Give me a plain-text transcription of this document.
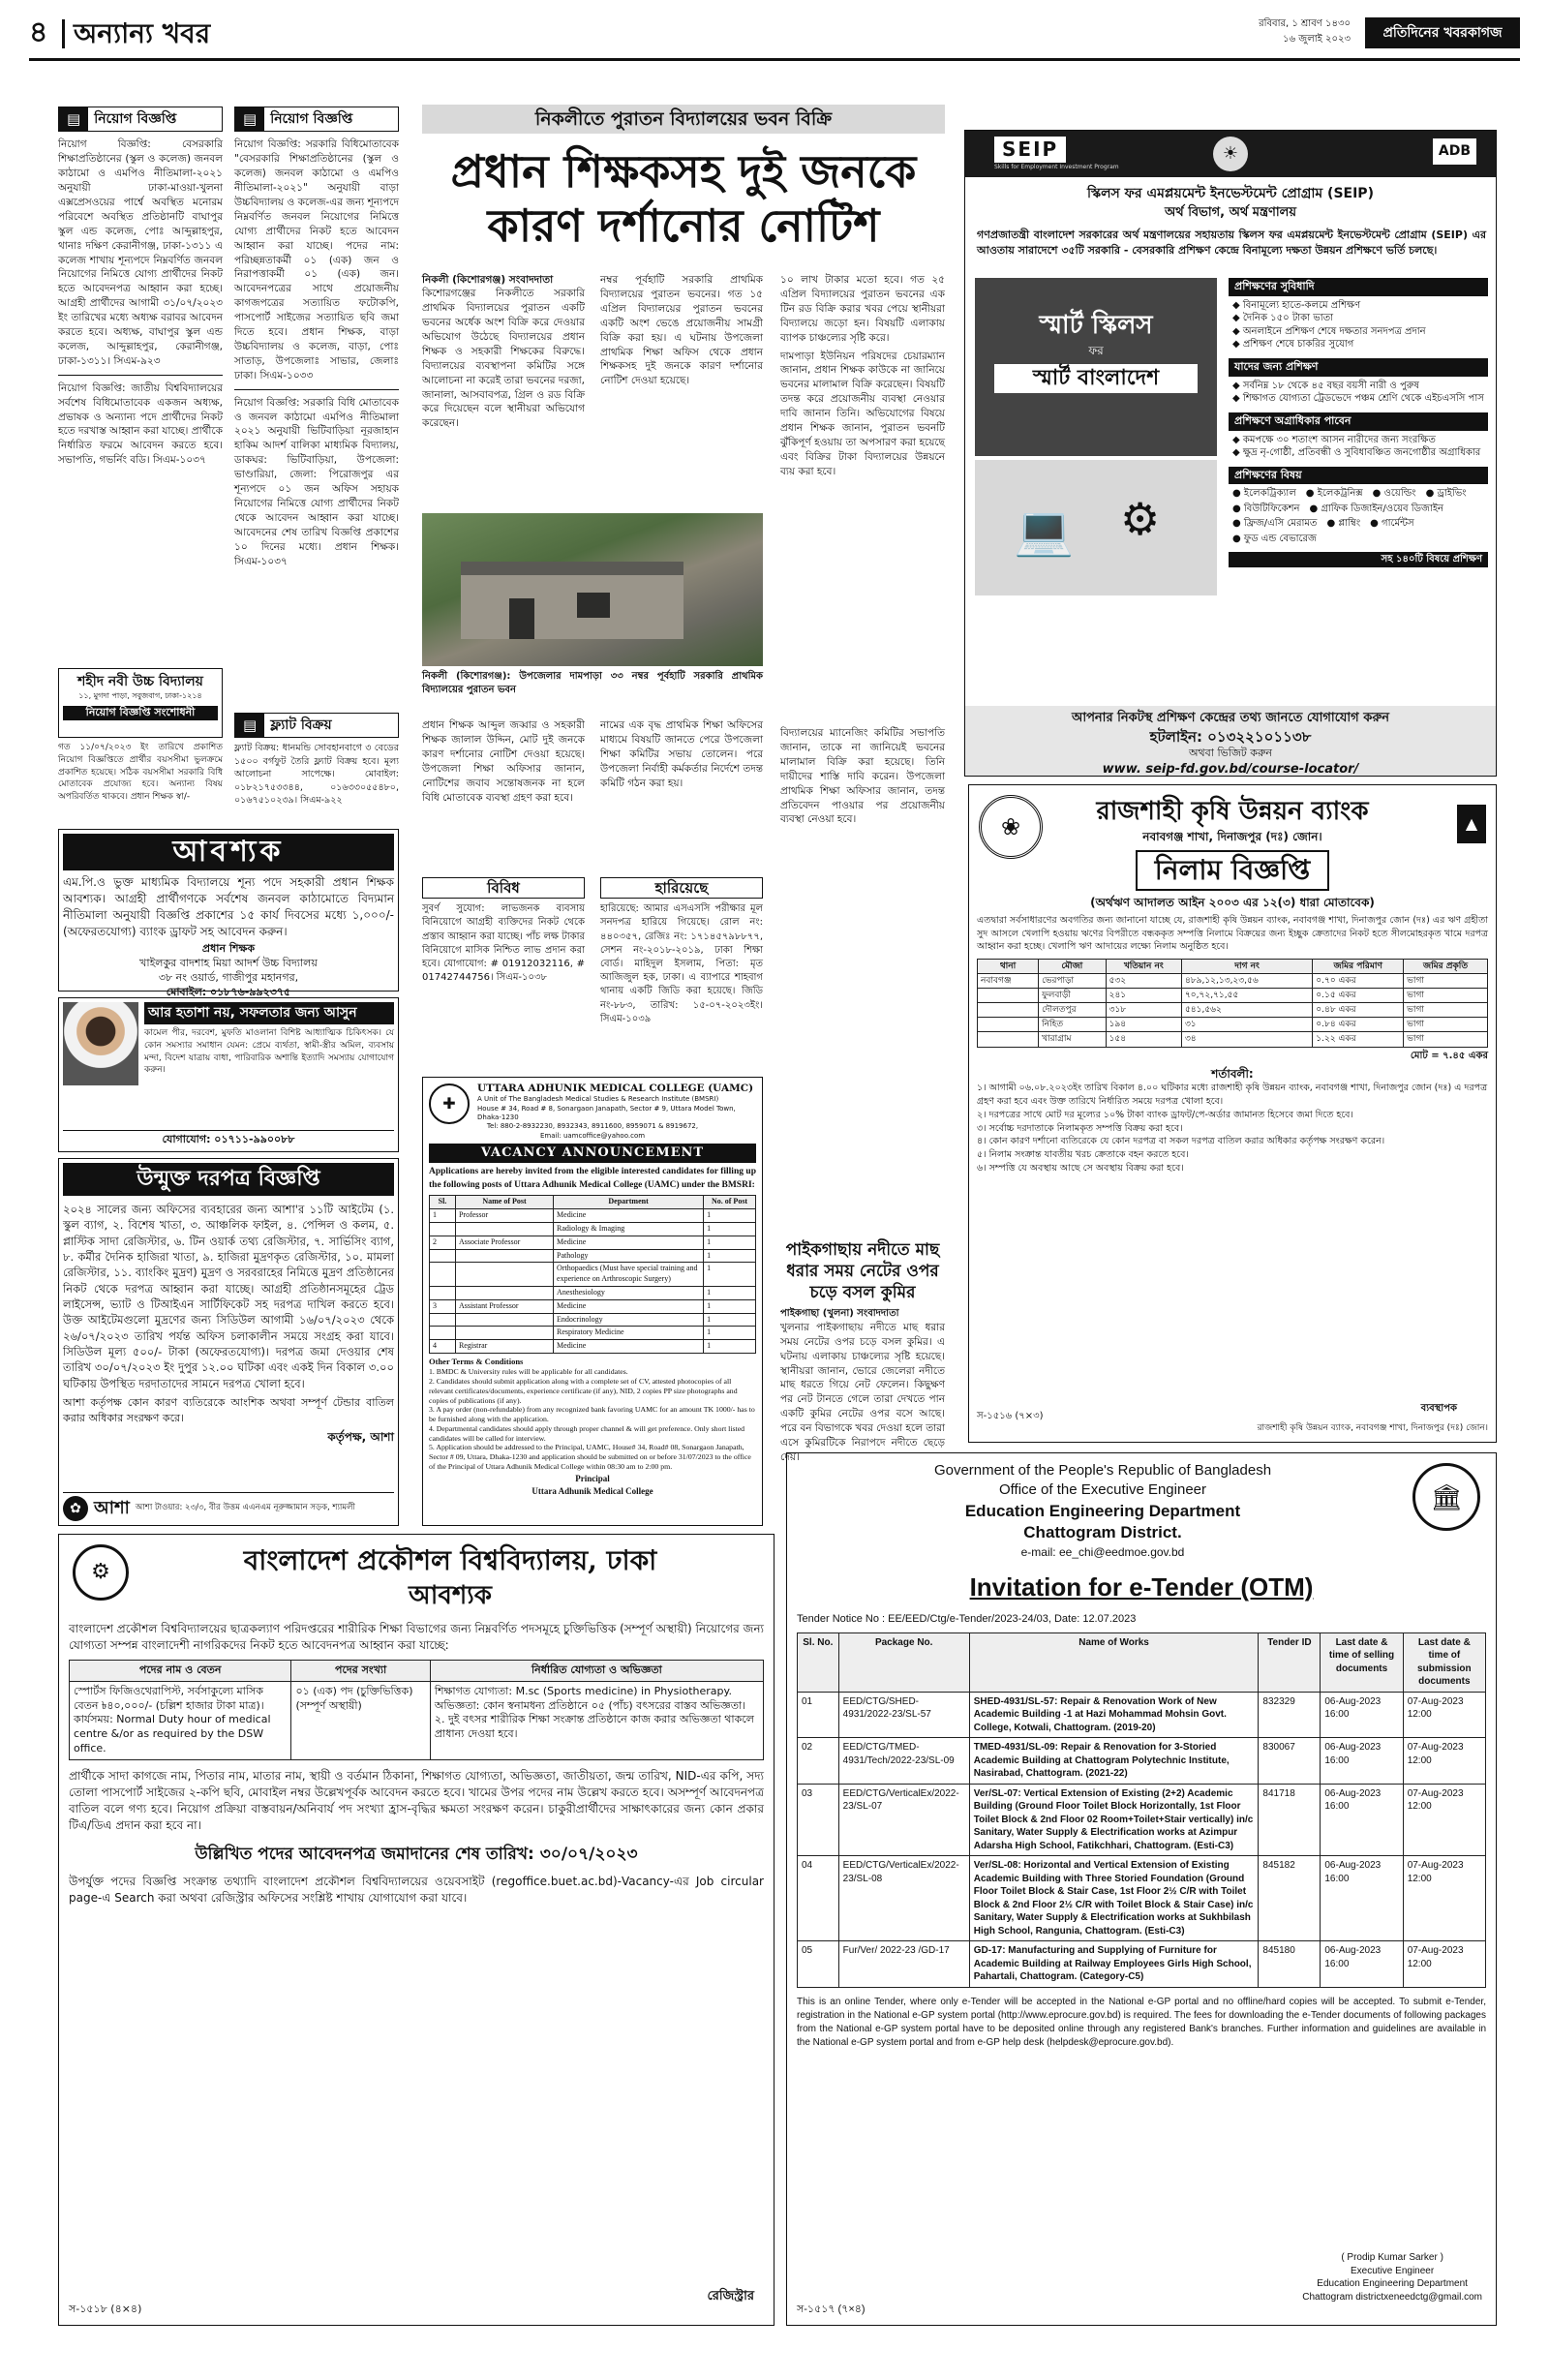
৪ অন্যান্য খবর	রবিবার, ১ শ্রাবণ ১৪৩০
১৬ জুলাই ২০২৩	প্রতিদিনের খবরকাগজ
▤	নিয়োগ বিজ্ঞপ্তি

নিয়োগ বিজ্ঞপ্তি: বেসরকারি শিক্ষাপ্রতিষ্ঠানের (স্কুল ও কলেজ) জনবল কাঠামো ও এমপিও নীতিমালা-২০২১ অনুযায়ী ঢাকা-মাওয়া-খুলনা এক্সপ্রেসওয়ের পার্শ্বে অবস্থিত মনোরম পরিবেশে অবস্থিত প্রতিষ্ঠানটি বাঘাপুর স্কুল এন্ড কলেজ, পোঃ আব্দুল্লাহপুর, থানাঃ দক্ষিণ কেরানীগঞ্জ, ঢাকা-১৩১১ এ কলেজ শাখায় শূন্যপদে নিম্নবর্ণিত জনবল নিয়োগের নিমিত্তে যোগ্য প্রার্থীদের নিকট হতে আবেদনপত্র আহ্বান করা হচ্ছে। আগ্রহী প্রার্থীদের আগামী ৩১/০৭/২০২৩ ইং তারিখের মধ্যে অধ্যক্ষ বরাবর আবেদন করতে হবে। অধ্যক্ষ, বাঘাপুর স্কুল এন্ড কলেজ, আব্দুল্লাহপুর, কেরানীগঞ্জ, ঢাকা-১৩১১। সিএম-৯২৩

নিয়োগ বিজ্ঞপ্তি: জাতীয় বিশ্ববিদ্যালয়ের সর্বশেষ বিধিমোতাবেক একজন অধ্যক্ষ, প্রভাষক ও অন্যান্য পদে প্রার্থীদের নিকট হতে দরখাস্ত আহ্বান করা যাচ্ছে। প্রার্থীকে নির্ধারিত ফরমে আবেদন করতে হবে। সভাপতি, গভর্নিং বডি। সিএম-১০৩৭

শহীদ নবী উচ্চ বিদ্যালয়
১১, মুগদা পাড়া, সবুজবাগ, ঢাকা-১২১৪
নিয়োগ বিজ্ঞপ্তি সংশোধনী

গত ১১/০৭/২০২৩ ইং তারিখে প্রকাশিত নিয়োগ বিজ্ঞপ্তিতে প্রার্থীর বয়সসীমা ভুলক্রমে প্রকাশিত হয়েছে। সঠিক বয়সসীমা সরকারি বিধি মোতাবেক প্রযোজ্য হবে। অন্যান্য বিষয় অপরিবর্তিত থাকবে। প্রধান শিক্ষক স্বা/-

▤	নিয়োগ বিজ্ঞপ্তি

নিয়োগ বিজ্ঞপ্তি: সরকারি বিধিমোতাবেক "বেসরকারি শিক্ষাপ্রতিষ্ঠানের (স্কুল ও কলেজ) জনবল কাঠামো ও এমপিও নীতিমালা-২০২১" অনুযায়ী বাড়া উচ্চবিদ্যালয় ও কলেজ-এর জন্য শূন্যপদে নিম্নবর্ণিত জনবল নিয়োগের নিমিত্তে যোগ্য প্রার্থীদের নিকট হতে আবেদন আহ্বান করা যাচ্ছে। পদের নাম: পরিচ্ছন্নতাকর্মী ০১ (এক) জন ও নিরাপত্তাকর্মী ০১ (এক) জন। আবেদনপত্রের সাথে প্রয়োজনীয় কাগজপত্রের সত্যায়িত ফটোকপি, পাসপোর্ট সাইজের সত্যায়িত ছবি জমা দিতে হবে। প্রধান শিক্ষক, বাড়া উচ্চবিদ্যালয় ও কলেজ, বাড়া, পোঃ সাতাড়, উপজেলাঃ সাভার, জেলাঃ ঢাকা। সিএম-১০৩৩

নিয়োগ বিজ্ঞপ্তি: সরকারি বিধি মোতাবেক ও জনবল কাঠামো এমপিও নীতিমালা ২০২১ অনুযায়ী ভিটিবাড়িয়া নূরজাহান হাকিম আদর্শ বালিকা মাধ্যমিক বিদ্যালয়, ডাকঘর: ভিটিবাড়িয়া, উপজেলা: ভাণ্ডারিয়া, জেলা: পিরোজপুর এর শূন্যপদে ০১ জন অফিস সহায়ক নিয়োগের নিমিত্তে যোগ্য প্রার্থীদের নিকট থেকে আবেদন আহ্বান করা যাচ্ছে। আবেদনের শেষ তারিখ বিজ্ঞপ্তি প্রকাশের ১০ দিনের মধ্যে। প্রধান শিক্ষক। সিএম-১০৩৭

▤	ফ্ল্যাট বিক্রয়

ফ্ল্যাট বিক্রয়: ধানমন্ডি সোবহানবাগে ৩ বেডের ১৫০০ বর্গফুট তৈরি ফ্ল্যাট বিক্রয় হবে। মূল্য আলোচনা সাপেক্ষে। মোবাইল: ০১৮২১৭৫৩৩৪৪, ০১৬৩৩০৫৫৪৮০, ০১৬৭৫১০২৩৯। সিএম-৯২২

আবশ্যক

এম.পি.ও ভুক্ত মাধ্যমিক বিদ্যালয়ে শূন্য পদে সহকারী প্রধান শিক্ষক আবশ্যক। আগ্রহী প্রার্থীগণকে সর্বশেষ জনবল কাঠামোতে বিদ্যমান নীতিমালা অনুযায়ী বিজ্ঞপ্তি প্রকাশের ১৫ কার্য দিবসের মধ্যে ১,০০০/- (অফেরতযোগ্য) ব্যাংক ড্রাফট সহ আবেদন করুন।

প্রধান শিক্ষক
খাইলকুর বাদশাহ মিয়া আদর্শ উচ্চ বিদ্যালয়
৩৮ নং ওয়ার্ড, গাজীপুর মহানগর,
মোবাইল: ০১৮৭৬-৯৯২৩৭৫
আর হতাশা নয়, সফলতার জন্য আসুন

কামেল পীর, দরবেশ, মুফতি মাওলানা বিশিষ্ট আধ্যাত্মিক চিকিৎসক। যে কোন সমস্যার সমাধান যেমন: প্রেমে ব্যর্থতা, স্বামী-স্ত্রীর অমিল, ব্যবসায় মন্দা, বিদেশ যাত্রায় বাধা, পারিবারিক অশান্তি ইত্যাদি সমস্যায় যোগাযোগ করুন।

যোগাযোগ: ০১৭১১-৯৯০০৮৮
উন্মুক্ত দরপত্র বিজ্ঞপ্তি

২০২৪ সালের জন্য অফিসের ব্যবহারের জন্য আশা'র ১১টি আইটেম (১. স্কুল ব্যাগ, ২. বিশেষ খাতা, ৩. আঞ্চলিক ফাইল, ৪. পেন্সিল ও কলম, ৫. প্লাস্টিক সাদা রেজিস্টার, ৬. টিন ওয়ার্ক তথ্য রেজিস্টার, ৭. সার্ভিসিং ব্যাগ, ৮. কর্মীর দৈনিক হাজিরা খাতা, ৯. হাজিরা মুদ্রণকৃত রেজিস্টার, ১০. মামলা রেজিস্টার, ১১. ব্যাংকিং মুদ্রণ) মুদ্রণ ও সরবরাহের নিমিত্তে মুদ্রণ প্রতিষ্ঠানের নিকট থেকে দরপত্র আহ্বান করা যাচ্ছে। আগ্রহী প্রতিষ্ঠানসমূহের ট্রেড লাইসেন্স, ভ্যাট ও টিআইএন সার্টিফিকেট সহ দরপত্র দাখিল করতে হবে। উক্ত আইটেমগুলো মুদ্রণের জন্য সিডিউল আগামী ১৬/০৭/২০২৩ থেকে ২৬/০৭/২০২৩ তারিখ পর্যন্ত অফিস চলাকালীন সময়ে সংগ্রহ করা যাবে। সিডিউল মূল্য ৫০০/- টাকা (অফেরতযোগ্য)। দরপত্র জমা দেওয়ার শেষ তারিখ ৩০/০৭/২০২৩ ইং দুপুর ১২.০০ ঘটিকা এবং একই দিন বিকাল ৩.০০ ঘটিকায় উপস্থিত দরদাতাদের সামনে দরপত্র খোলা হবে।

আশা কর্তৃপক্ষ কোন কারণ ব্যতিরেকে আংশিক অথবা সম্পূর্ণ টেন্ডার বাতিল করার অধিকার সংরক্ষণ করে।

কর্তৃপক্ষ, আশা
✿ আশা আশা টাওয়ার: ২৩/৩, বীর উত্তম এএনএম নূরুজ্জামান সড়ক, শ্যামলী
⚙	বাংলাদেশ প্রকৌশল বিশ্ববিদ্যালয়, ঢাকা
আবশ্যক

বাংলাদেশ প্রকৌশল বিশ্ববিদ্যালয়ের ছাত্রকল্যাণ পরিদপ্তরের শারীরিক শিক্ষা বিভাগের জন্য নিম্নবর্ণিত পদসমূহে চুক্তিভিত্তিক (সম্পূর্ণ অস্থায়ী) নিয়োগের জন্য যোগ্যতা সম্পন্ন বাংলাদেশী নাগরিকদের নিকট হতে আবেদনপত্র আহ্বান করা যাচ্ছে:

পদের নাম ও বেতন	পদের সংখ্যা	নির্ধারিত যোগ্যতা ও অভিজ্ঞতা
স্পোর্টস ফিজিওথেরাপিস্ট, সর্বসাকুল্যে মাসিক বেতন ৳৪০,০০০/- (চল্লিশ হাজার টাকা মাত্র)। কার্যসময়: Normal Duty hour of medical centre &/or as required by the DSW office.	০১ (এক) পদ (চুক্তিভিত্তিক) (সম্পূর্ণ অস্থায়ী)	শিক্ষাগত যোগ্যতা: M.sc (Sports medicine) in Physiotherapy. অভিজ্ঞতা: কোন স্বনামধন্য প্রতিষ্ঠানে ০৫ (পাঁচ) বৎসরের বাস্তব অভিজ্ঞতা। ২. দুই বৎসর শারীরিক শিক্ষা সংক্রান্ত প্রতিষ্ঠানে কাজ করার অভিজ্ঞতা থাকলে প্রাধান্য দেওয়া হবে।

প্রার্থীকে সাদা কাগজে নাম, পিতার নাম, মাতার নাম, স্থায়ী ও বর্তমান ঠিকানা, শিক্ষাগত যোগ্যতা, অভিজ্ঞতা, জাতীয়তা, জন্ম তারিখ, NID-এর কপি, সদ্য তোলা পাসপোর্ট সাইজের ২-কপি ছবি, মোবাইল নম্বর উল্লেখপূর্বক আবেদন করতে হবে। খামের উপর পদের নাম উল্লেখ করতে হবে। অসম্পূর্ণ আবেদনপত্র বাতিল বলে গণ্য হবে। নিয়োগ প্রক্রিয়া বাস্তবায়ন/অনিবার্য পদ সংখ্যা হ্রাস-বৃদ্ধির ক্ষমতা সংরক্ষণ করেন। চাকুরীপ্রার্থীদের সাক্ষাৎকারের জন্য কোন প্রকার টিএ/ডিএ প্রদান করা হবে না।

উল্লিখিত পদের আবেদনপত্র জমাদানের শেষ তারিখ: ৩০/০৭/২০২৩

উপর্যুক্ত পদের বিজ্ঞপ্তি সংক্রান্ত তথ্যাদি বাংলাদেশ প্রকৌশল বিশ্ববিদ্যালয়ের ওয়েবসাইট (regoffice.buet.ac.bd)-Vacancy-এর Job circular page-এ Search করা অথবা রেজিস্ট্রার অফিসের সংশ্লিষ্ট শাখায় যোগাযোগ করা যাবে।

রেজিস্ট্রার
স-১৫১৮ (৪×৪)
নিকলীতে পুরাতন বিদ্যালয়ের ভবন বিক্রি
প্রধান শিক্ষকসহ দুই জনকে
কারণ দর্শানোর নোটিশ
নিকলী (কিশোরগঞ্জ) সংবাদদাতা

কিশোরগঞ্জের নিকলীতে সরকারি প্রাথমিক বিদ্যালয়ের পুরাতন একটি ভবনের অর্ধেক অংশ বিক্রি করে দেওয়ার অভিযোগ উঠেছে বিদ্যালয়ের প্রধান শিক্ষক ও সহকারী শিক্ষকের বিরুদ্ধে। বিদ্যালয়ের ব্যবস্থাপনা কমিটির সঙ্গে আলোচনা না করেই তারা ভবনের দরজা, জানালা, আসবাবপত্র, গ্রিল ও রড বিক্রি করে দিয়েছেন বলে স্থানীয়রা অভিযোগ করেছেন।

নম্বর পূর্বহাটি সরকারি প্রাথমিক বিদ্যালয়ের পুরাতন ভবনের। গত ১৫ এপ্রিল বিদ্যালয়ের পুরাতন ভবনের একটি অংশ ভেঙে প্রয়োজনীয় সামগ্রী বিক্রি করা হয়। এ ঘটনায় উপজেলা প্রাথমিক শিক্ষা অফিস থেকে প্রধান শিক্ষকসহ দুই জনকে কারণ দর্শানোর নোটিশ দেওয়া হয়েছে।

১০ লাখ টাকার মতো হবে। গত ২৫ এপ্রিল বিদ্যালয়ের পুরাতন ভবনের এক টিন রড বিক্রি করার খবর পেয়ে স্থানীয়রা বিদ্যালয়ে জড়ো হন। বিষয়টি এলাকায় ব্যাপক চাঞ্চল্যের সৃষ্টি করে।

দামপাড়া ইউনিয়ন পরিষদের চেয়ারম্যান জানান, প্রধান শিক্ষক কাউকে না জানিয়ে ভবনের মালামাল বিক্রি করেছেন। বিষয়টি তদন্ত করে প্রয়োজনীয় ব্যবস্থা নেওয়ার দাবি জানান তিনি। অভিযোগের বিষয়ে প্রধান শিক্ষক জানান, পুরাতন ভবনটি ঝুঁকিপূর্ণ হওয়ায় তা অপসারণ করা হয়েছে এবং বিক্রির টাকা বিদ্যালয়ের উন্নয়নে ব্যয় করা হবে।

নিকলী (কিশোরগঞ্জ): উপজেলার দামপাড়া ৩৩ নম্বর পূর্বহাটি সরকারি প্রাথমিক বিদ্যালয়ের পুরাতন ভবন

প্রধান শিক্ষক আব্দুল জব্বার ও সহকারী শিক্ষক জালাল উদ্দিন, মোট দুই জনকে কারণ দর্শানোর নোটিশ দেওয়া হয়েছে। উপজেলা শিক্ষা অফিসার জানান, নোটিশের জবাব সন্তোষজনক না হলে বিধি মোতাবেক ব্যবস্থা গ্রহণ করা হবে।

নামের এক বৃদ্ধ প্রাথমিক শিক্ষা অফিসের মাধ্যমে বিষয়টি জানতে পেরে উপজেলা শিক্ষা কমিটির সভায় তোলেন। পরে উপজেলা নির্বাহী কর্মকর্তার নির্দেশে তদন্ত কমিটি গঠন করা হয়।

বিদ্যালয়ের ম্যানেজিং কমিটির সভাপতি জানান, তাকে না জানিয়েই ভবনের মালামাল বিক্রি করা হয়েছে। তিনি দায়ীদের শাস্তি দাবি করেন। উপজেলা প্রাথমিক শিক্ষা অফিসার জানান, তদন্ত প্রতিবেদন পাওয়ার পর প্রয়োজনীয় ব্যবস্থা নেওয়া হবে।

বিবিধ

সুবর্ণ সুযোগ: লাভজনক ব্যবসায় বিনিয়োগে আগ্রহী ব্যক্তিদের নিকট থেকে প্রস্তাব আহ্বান করা যাচ্ছে। পাঁচ লক্ষ টাকার বিনিয়োগে মাসিক নিশ্চিত লাভ প্রদান করা হবে। যোগাযোগ: # 01912032116, # 01742744756। সিএম-১০৩৮

হারিয়েছে

হারিয়েছে: আমার এসএসসি পরীক্ষার মূল সনদপত্র হারিয়ে গিয়েছে। রোল নং: ৪৪০৩৫৭, রেজিঃ নং: ১৭১৪৫৭৯৮৮৭৭, সেশন নং-২০১৮-২০১৯, ঢাকা শিক্ষা বোর্ড। মাহিদুল ইসলাম, পিতা: মৃত আজিজুল হক, ঢাকা। এ ব্যাপারে শাহবাগ থানায় একটি জিডি করা হয়েছে। জিডি নং-৮৮৩, তারিখ: ১৫-০৭-২০২৩ইং। সিএম-১০৩৯

✚
UTTARA ADHUNIK MEDICAL COLLEGE (UAMC)
A Unit of The Bangladesh Medical Studies & Research Institute (BMSRI)
House # 34, Road # 8, Sonargaon Janapath, Sector # 9, Uttara Model Town, Dhaka-1230
Tel: 880-2-8932230, 8932343, 8911600, 8959071 & 8919672,
Email: uamcoffice@yahoo.com
VACANCY ANNOUNCEMENT

Applications are hereby invited from the eligible interested candidates for filling up the following posts of Uttara Adhunik Medical College (UAMC) under the BMSRI:

Sl.	Name of Post	Department	No. of Post
1	Professor	Medicine	1
		Radiology & Imaging	1
2	Associate Professor	Medicine	1
		Pathology	1
		Orthopaedics (Must have special training and experience on Arthroscopic Surgery)	1
		Anesthesiology	1
3	Assistant Professor	Medicine	1
		Endocrinology	1
		Respiratory Medicine	1
4	Registrar	Medicine	1
Other Terms & Conditions
1. BMDC & University rules will be applicable for all candidates.
2. Candidates should submit application along with a complete set of CV, attested photocopies of all relevant certificates/documents, experience certificate (if any), NID, 2 copies PP size photographs and copies of publications (if any).
3. A pay order (non-refundable) from any recognized bank favoring UAMC for an amount TK 1000/- has to be furnished along with the application.
4. Departmental candidates should apply through proper channel & will get preference. Only short listed candidates will be called for interview.
5. Application should be addressed to the Principal, UAMC, House# 34, Road# 08, Sonargaon Janapath, Sector # 09, Uttara, Dhaka-1230 and application should be submitted on or before 31/07/2023 to the office of the Principal of Uttara Adhunik Medical College within 08:30 am to 2:00 pm.
Principal
Uttara Adhunik Medical College
পাইকগাছায় নদীতে মাছ ধরার সময় নেটের ওপর চড়ে বসল কুমির
পাইকগাছা (খুলনা) সংবাদদাতা

খুলনার পাইকগাছায় নদীতে মাছ ধরার সময় নেটের ওপর চড়ে বসল কুমির। এ ঘটনায় এলাকায় চাঞ্চল্যের সৃষ্টি হয়েছে। স্থানীয়রা জানান, ভোরে জেলেরা নদীতে মাছ ধরতে গিয়ে নেট ফেলেন। কিছুক্ষণ পর নেট টানতে গেলে তারা দেখতে পান একটি কুমির নেটের ওপর বসে আছে। পরে বন বিভাগকে খবর দেওয়া হলে তারা এসে কুমিরটিকে নিরাপদে নদীতে ছেড়ে দেয়।

SEIP
Skills for Employment Investment Program
☀	ADB
স্কিলস ফর এমপ্লয়মেন্ট ইনভেস্টমেন্ট প্রোগ্রাম (SEIP)
অর্থ বিভাগ, অর্থ মন্ত্রণালয়

গণপ্রজাতন্ত্রী বাংলাদেশ সরকারের অর্থ মন্ত্রণালয়ের সহায়তায় স্কিলস ফর এমপ্লয়মেন্ট ইনভেস্টমেন্ট প্রোগ্রাম (SEIP) এর আওতায় সারাদেশে ৩৫টি সরকারি - বেসরকারি প্রশিক্ষণ কেন্দ্রে বিনামূল্যে দক্ষতা উন্নয়ন প্রশিক্ষণে ভর্তি চলছে।

স্মার্ট স্কিলস
ফর
স্মার্ট বাংলাদেশ
💻 ⚙
প্রশিক্ষণের সুবিধাদি
◆ বিনামূল্যে হাতে-কলমে প্রশিক্ষণ
◆ দৈনিক ১৫০ টাকা ভাতা
◆ অনলাইনে প্রশিক্ষণ শেষে দক্ষতার সনদপত্র প্রদান
◆ প্রশিক্ষণ শেষে চাকরির সুযোগ
যাদের জন্য প্রশিক্ষণ
◆ সর্বনিম্ন ১৮ থেকে ৪৫ বছর বয়সী নারী ও পুরুষ
◆ শিক্ষাগত যোগ্যতা ট্রেডভেদে পঞ্চম শ্রেণি থেকে এইচএসসি পাস
প্রশিক্ষণে অগ্রাধিকার পাবেন
◆ কমপক্ষে ৩০ শতাংশ আসন নারীদের জন্য সংরক্ষিত
◆ ক্ষুদ্র নৃ-গোষ্ঠী, প্রতিবন্ধী ও সুবিধাবঞ্চিত জনগোষ্ঠীর অগ্রাধিকার
প্রশিক্ষণের বিষয়
● ইলেকট্রিক্যাল ● ইলেকট্রনিক্স ● ওয়েল্ডিং ● ড্রাইভিং
● বিউটিফিকেশন ● গ্রাফিক ডিজাইন/ওয়েব ডিজাইন
● ফ্রিজ/এসি মেরামত ● প্লাম্বিং ● গার্মেন্টস
● ফুড এন্ড বেভারেজ
সহ ১৪০টি বিষয়ে প্রশিক্ষণ
আপনার নিকটস্থ প্রশিক্ষণ কেন্দ্রের তথ্য জানতে যোগাযোগ করুন
হটলাইন: ০১৩২২১০১১৩৮
অথবা ভিজিট করুন
www. seip-fd.gov.bd/course-locator/
❀	▲
রাজশাহী কৃষি উন্নয়ন ব্যাংক
নবাবগঞ্জ শাখা, দিনাজপুর (দঃ) জোন।
নিলাম বিজ্ঞপ্তি
(অর্থঋণ আদালত আইন ২০০৩ এর ১২(৩) ধারা মোতাবেক)

এতদ্বারা সর্বসাধারণের অবগতির জন্য জানানো যাচ্ছে যে, রাজশাহী কৃষি উন্নয়ন ব্যাংক, নবাবগঞ্জ শাখা, দিনাজপুর জোন (দঃ) এর ঋণ গ্রহীতা সুদ আসলে খেলাপি হওয়ায় ঋণের বিপরীতে বন্ধককৃত সম্পত্তি নিলামে বিক্রয়ের জন্য ইচ্ছুক ক্রেতাদের নিকট হতে সীলমোহরকৃত খামে দরপত্র আহ্বান করা হচ্ছে। খেলাপি ঋণ আদায়ের লক্ষ্যে নিলাম অনুষ্ঠিত হবে।

থানা	মৌজা	খতিয়ান নং	দাগ নং	জমির পরিমাণ	জমির প্রকৃতি
নবাবগঞ্জ	ভেরপাড়া	৫৩২	৪৮৯,১২,১৩,২৩,৫৬	০.৭০ একর	ভাগা
	ফুলবাড়ী	২৪১	৭০,৭২,৭১,৫৫	০.১৫ একর	ভাগা
	দৌলতপুর	৩১৮	৫৪১,৫৬২	০.৪৮ একর	ভাগা
	নিহিত	১৯৪	৩১	০.৮৪ একর	ভাগা
	খারাগ্রাম	১৫৪	৩৪	১.২২ একর	ভাগা
মোট = ৭.৪৫ একর
শর্তাবলী:
১। আগামী ০৬.০৮.২০২৩ইং তারিখ বিকাল ৪.০০ ঘটিকার মধ্যে রাজশাহী কৃষি উন্নয়ন ব্যাংক, নবাবগঞ্জ শাখা, দিনাজপুর জোন (দঃ) এ দরপত্র গ্রহণ করা হবে এবং উক্ত তারিখে নির্ধারিত সময়ে দরপত্র খোলা হবে।
২। দরপত্রের সাথে মোট দর মূল্যের ১০% টাকা ব্যাংক ড্রাফট/পে-অর্ডার জামানত হিসেবে জমা দিতে হবে।
৩। সর্বোচ্চ দরদাতাকে নিলামকৃত সম্পত্তি বিক্রয় করা হবে।
৪। কোন কারণ দর্শানো ব্যতিরেকে যে কোন দরপত্র বা সকল দরপত্র বাতিল করার অধিকার কর্তৃপক্ষ সংরক্ষণ করেন।
৫। নিলাম সংক্রান্ত যাবতীয় খরচ ক্রেতাকে বহন করতে হবে।
৬। সম্পত্তি যে অবস্থায় আছে সে অবস্থায় বিক্রয় করা হবে।
স-১৫১৬ (৭×৩)
ব্যবস্থাপক
রাজশাহী কৃষি উন্নয়ন ব্যাংক, নবাবগঞ্জ শাখা, দিনাজপুর (দঃ) জোন।
🏛
Government of the People's Republic of Bangladesh
Office of the Executive Engineer
Education Engineering Department
Chattogram District.
e-mail: ee_chi@eedmoe.gov.bd
Invitation for e-Tender (OTM)
Tender Notice No : EE/EED/Ctg/e-Tender/2023-24/03, Date: 12.07.2023
Sl. No.	Package No.	Name of Works	Tender ID	Last date & time of selling documents	Last date & time of submission documents
01	EED/CTG/SHED-4931/2022-23/SL-57	SHED-4931/SL-57: Repair & Renovation Work of New Academic Building -1 at Hazi Mohammad Mohsin Govt. College, Kotwali, Chattogram. (2019-20)	832329	06-Aug-2023 16:00	07-Aug-2023 12:00
02	EED/CTG/TMED-4931/Tech/2022-23/SL-09	TMED-4931/SL-09: Repair & Renovation for 3-Storied Academic Building at Chattogram Polytechnic Institute, Nasirabad, Chattogram. (2021-22)	830067	06-Aug-2023 16:00	07-Aug-2023 12:00
03	EED/CTG/VerticalEx/2022-23/SL-07	Ver/SL-07: Vertical Extension of Existing (2+2) Academic Building (Ground Floor Toilet Block Horizontally, 1st Floor Toilet Block & 2nd Floor 02 Room+Toilet+Stair vertically) in/c Sanitary, Water Supply & Electrification works at Azimpur Adarsha High School, Fatikchhari, Chattogram. (Esti-C3)	841718	06-Aug-2023 16:00	07-Aug-2023 12:00
04	EED/CTG/VerticalEx/2022-23/SL-08	Ver/SL-08: Horizontal and Vertical Extension of Existing Academic Building with Three Storied Foundation (Ground Floor Toilet Block & Stair Case, 1st Floor 2½ C/R with Toilet Block & 2nd Floor 2½ C/R with Toilet Block & Stair Case) in/c Sanitary, Water Supply & Electrification works at Sukhbilash High School, Rangunia, Chattogram. (Esti-C3)	845182	06-Aug-2023 16:00	07-Aug-2023 12:00
05	Fur/Ver/ 2022-23 /GD-17	GD-17: Manufacturing and Supplying of Furniture for Academic Building at Railway Employees Girls High School, Pahartali, Chattogram. (Category-C5)	845180	06-Aug-2023 16:00	07-Aug-2023 12:00

This is an online Tender, where only e-Tender will be accepted in the National e-GP portal and no offline/hard copies will be accepted. To submit e-Tender, registration in the National e-GP system portal (http://www.eprocure.gov.bd) is required. The fees for downloading the e-Tender documents of following packages from the National e-GP system portal have to be deposited online through any registered Bank's branches. Further information and guidelines are available in the National e-GP system portal and from e-GP help desk (helpdesk@eprocure.gov.bd).

( Prodip Kumar Sarker )
Executive Engineer
Education Engineering Department
Chattogram districtxeneedctg@gmail.com
স-১৫১৭ (৭×৪)
